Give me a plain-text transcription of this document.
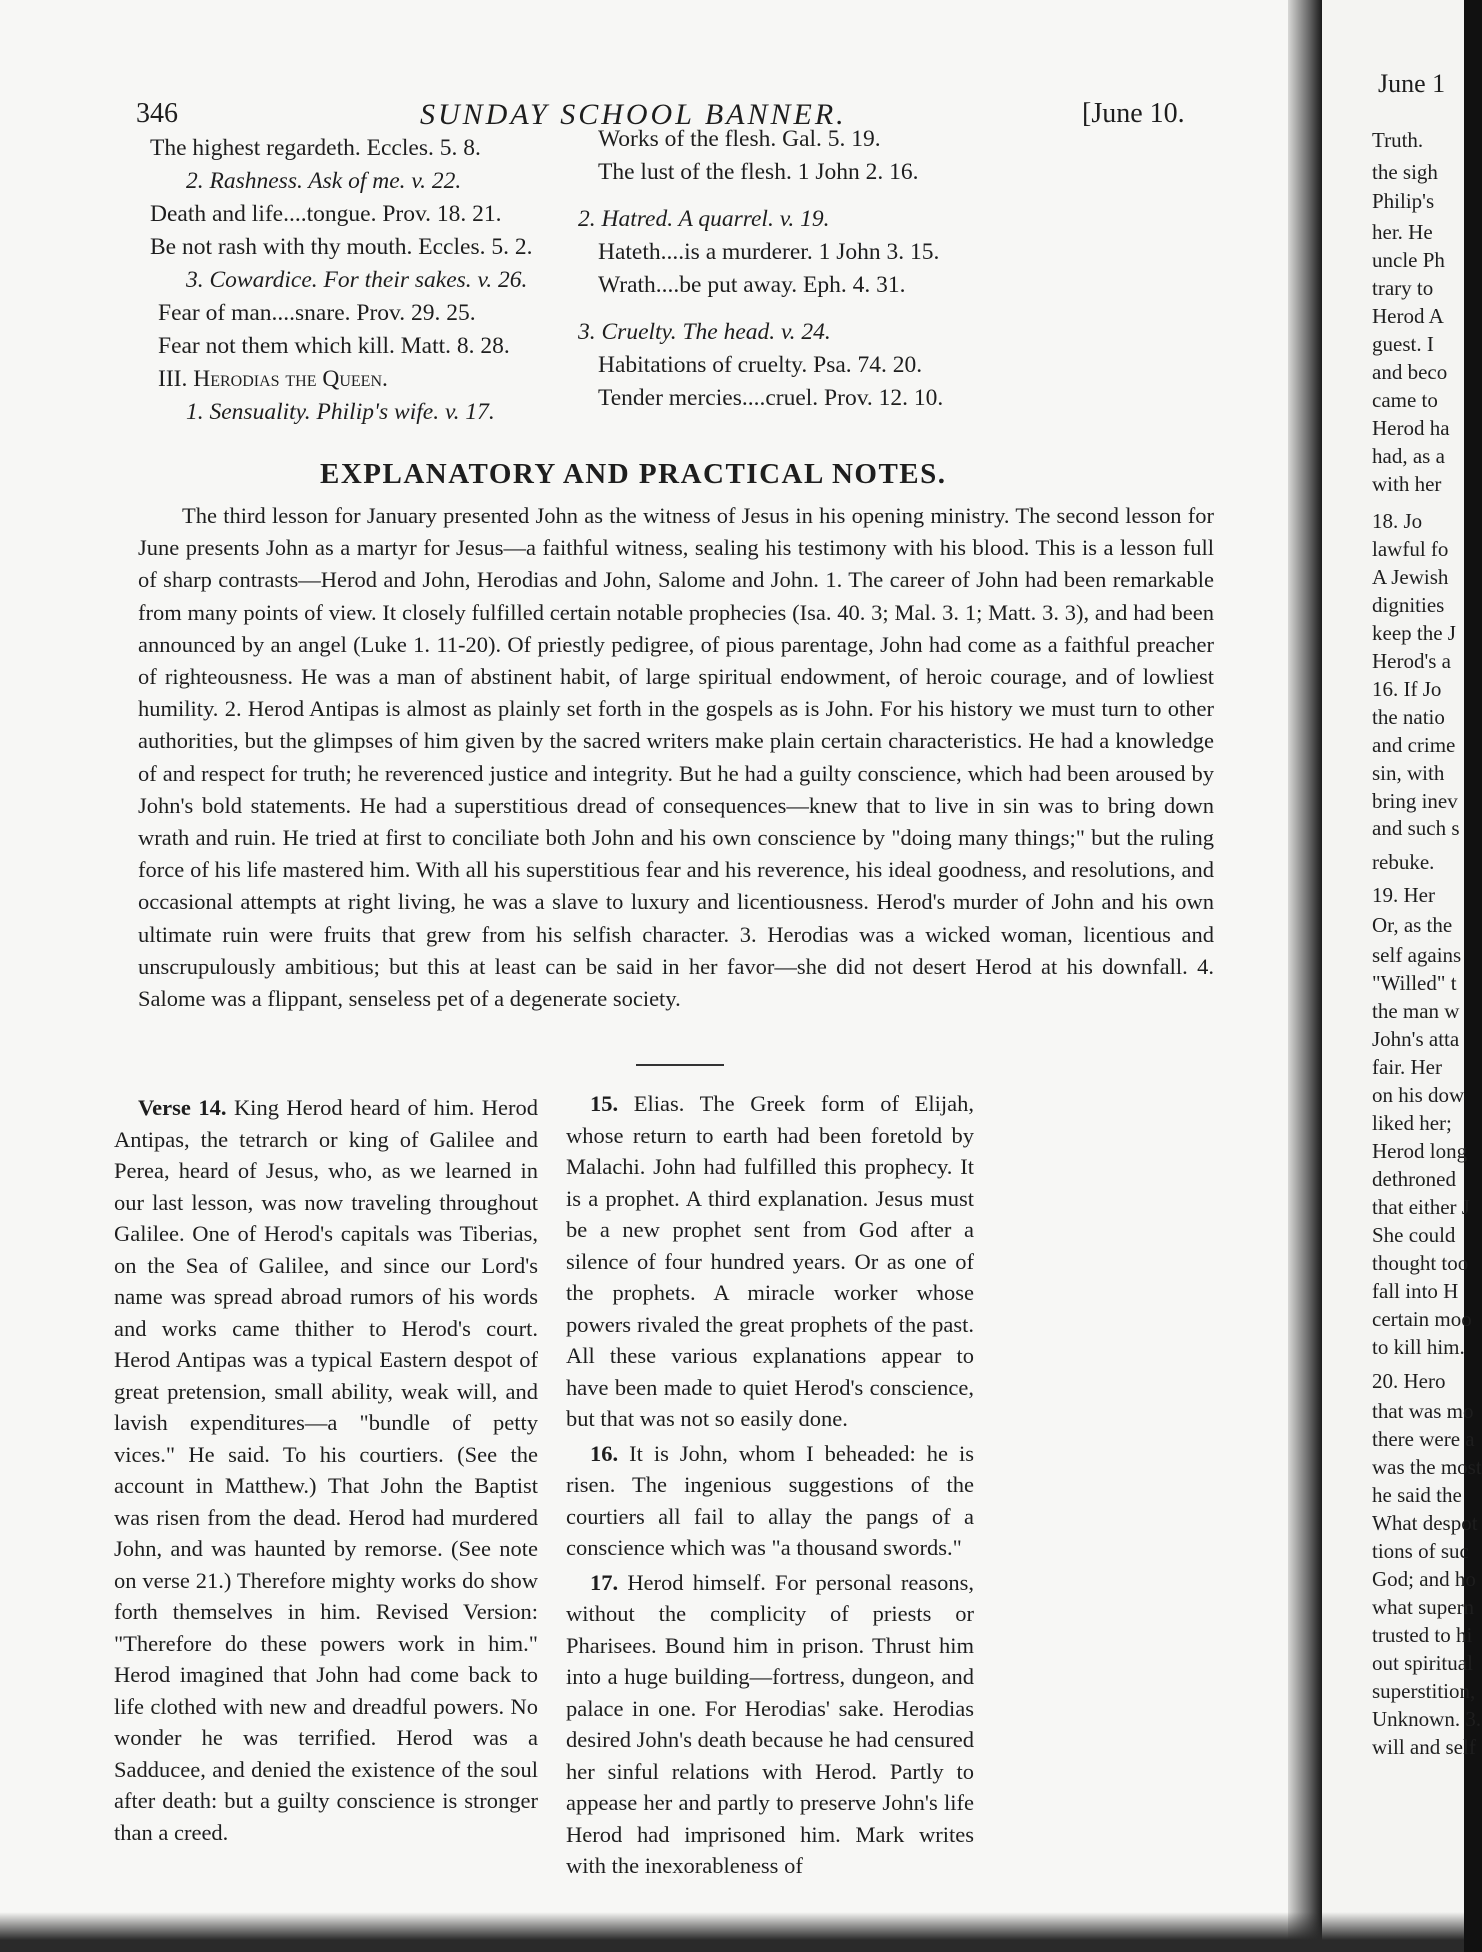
346	SUNDAY SCHOOL BANNER.	[June 10.
The highest regardeth. Eccles. 5. 8.
2. Rashness. Ask of me. v. 22.
Death and life....tongue. Prov. 18. 21.
Be not rash with thy mouth. Eccles. 5. 2.
3. Cowardice. For their sakes. v. 26.
Fear of man....snare. Prov. 29. 25.
Fear not them which kill. Matt. 8. 28.
III. Herodias the Queen.
1. Sensuality. Philip's wife. v. 17.
Works of the flesh. Gal. 5. 19.
The lust of the flesh. 1 John 2. 16.
2. Hatred. A quarrel. v. 19.
Hateth....is a murderer. 1 John 3. 15.
Wrath....be put away. Eph. 4. 31.
3. Cruelty. The head. v. 24.
Habitations of cruelty. Psa. 74. 20.
Tender mercies....cruel. Prov. 12. 10.
EXPLANATORY AND PRACTICAL NOTES.
The third lesson for January presented John as the witness of Jesus in his opening ministry. The second lesson for June presents John as a martyr for Jesus—a faithful witness, sealing his testimony with his blood. This is a lesson full of sharp contrasts—Herod and John, Herodias and John, Salome and John. 1. The career of John had been remarkable from many points of view. It closely fulfilled certain notable prophecies (Isa. 40. 3; Mal. 3. 1; Matt. 3. 3), and had been announced by an angel (Luke 1. 11-20). Of priestly pedigree, of pious parentage, John had come as a faithful preacher of righteousness. He was a man of abstinent habit, of large spiritual endowment, of heroic courage, and of lowliest humility. 2. Herod Antipas is almost as plainly set forth in the gospels as is John. For his history we must turn to other authorities, but the glimpses of him given by the sacred writers make plain certain characteristics. He had a knowledge of and respect for truth; he reverenced justice and integrity. But he had a guilty conscience, which had been aroused by John's bold statements. He had a superstitious dread of consequences—knew that to live in sin was to bring down wrath and ruin. He tried at first to conciliate both John and his own conscience by "doing many things;" but the ruling force of his life mastered him. With all his superstitious fear and his reverence, his ideal goodness, and resolutions, and occasional attempts at right living, he was a slave to luxury and licentiousness. Herod's murder of John and his own ultimate ruin were fruits that grew from his selfish character. 3. Herodias was a wicked woman, licentious and unscrupulously ambitious; but this at least can be said in her favor—she did not desert Herod at his downfall. 4. Salome was a flippant, senseless pet of a degenerate society.

Verse 14. King Herod heard of him. Herod Antipas, the tetrarch or king of Galilee and Perea, heard of Jesus, who, as we learned in our last lesson, was now traveling throughout Galilee. One of Herod's capitals was Tiberias, on the Sea of Galilee, and since our Lord's name was spread abroad rumors of his words and works came thither to Herod's court. Herod Antipas was a typical Eastern despot of great pretension, small ability, weak will, and lavish expenditures—a "bundle of petty vices." He said. To his courtiers. (See the account in Matthew.) That John the Baptist was risen from the dead. Herod had murdered John, and was haunted by remorse. (See note on verse 21.) Therefore mighty works do show forth themselves in him. Revised Version: "Therefore do these powers work in him." Herod imagined that John had come back to life clothed with new and dreadful powers. No wonder he was terrified. Herod was a Sadducee, and denied the existence of the soul after death: but a guilty conscience is stronger than a creed.

15. Elias. The Greek form of Elijah, whose return to earth had been foretold by Malachi. John had fulfilled this prophecy. It is a prophet. A third explanation. Jesus must be a new prophet sent from God after a silence of four hundred years. Or as one of the prophets. A miracle worker whose powers rivaled the great prophets of the past. All these various explanations appear to have been made to quiet Herod's conscience, but that was not so easily done.

16. It is John, whom I beheaded: he is risen. The ingenious suggestions of the courtiers all fail to allay the pangs of a conscience which was "a thousand swords."

17. Herod himself. For personal reasons, without the complicity of priests or Pharisees. Bound him in prison. Thrust him into a huge building—fortress, dungeon, and palace in one. For Herodias' sake. Herodias desired John's death because he had censured her sinful relations with Herod. Partly to appease her and partly to preserve John's life Herod had imprisoned him. Mark writes with the inexorableness of

June 1
Truth.
the sigh
Philip's
her. He
uncle Ph
trary to
Herod A
guest. I
and beco
came to
Herod ha
had, as a
with her
18. Jo
lawful fo
A Jewish
dignities
keep the J
Herod's a
16. If Jo
the natio
and crime
sin, with
bring inev
and such s
rebuke.
19. Her
Or, as the
self agains
"Willed" t
the man w
John's atta
fair. Her
on his dow
liked her;
Herod long
dethroned
that either J
She could
thought too
fall into H
certain moo
to kill him.
20. Hero
that was mo
there were a
was the most
he said the
What despot
tions of suc
God; and ho
what supern
trusted to hi
out spiritual
superstition,
Unknown. 3.
will and self
